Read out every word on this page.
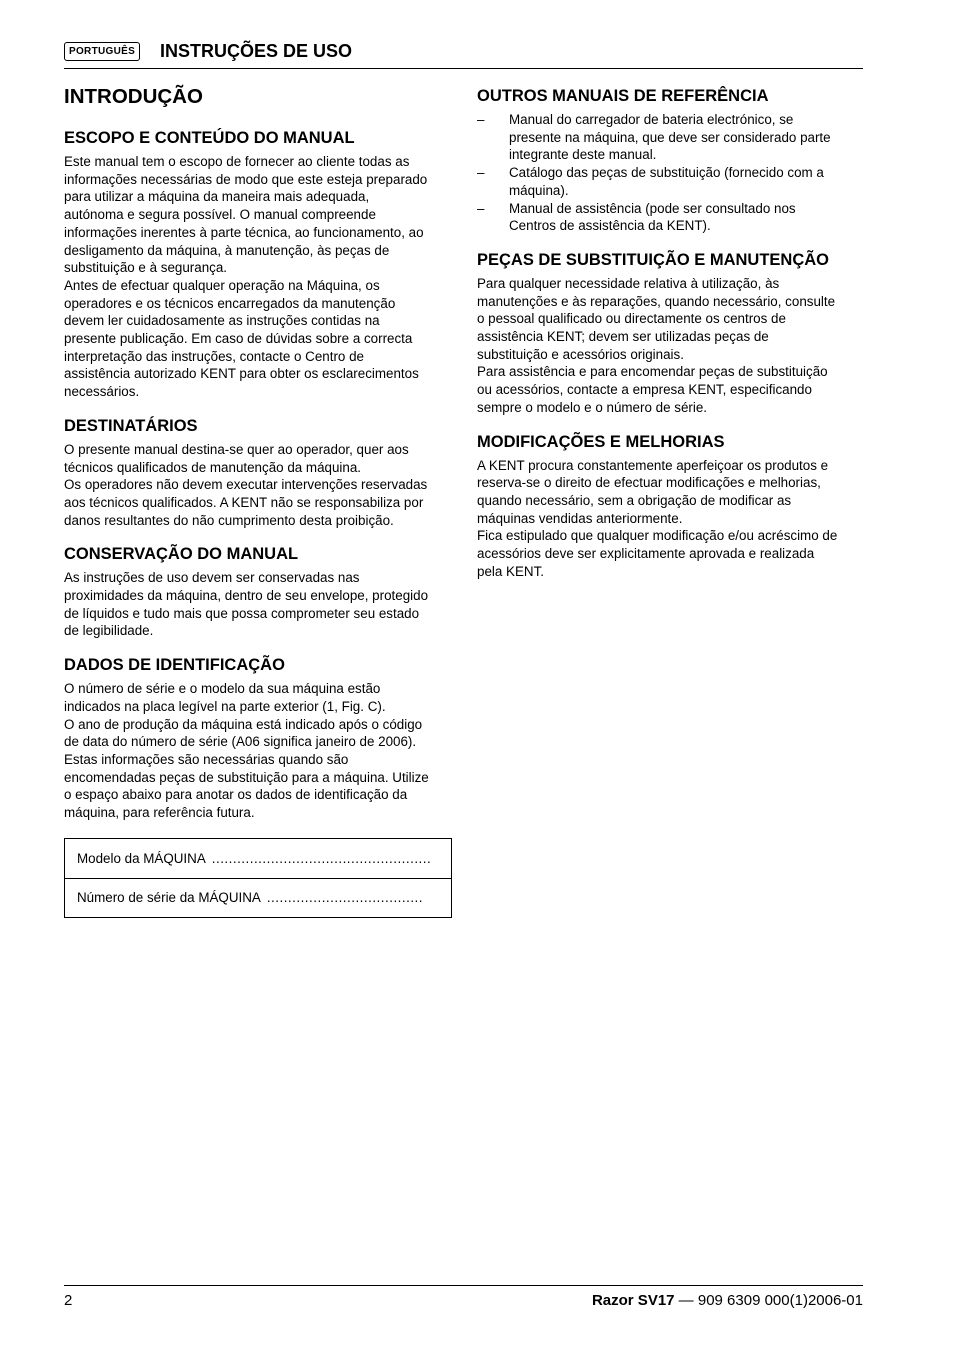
PORTUGUÊS INSTRUÇÕES DE USO
INTRODUÇÃO
ESCOPO E CONTEÚDO DO MANUAL

Este manual tem o escopo de fornecer ao cliente todas as
informações necessárias de modo que este esteja preparado
para utilizar a máquina da maneira mais adequada,
autónoma e segura possível. O manual compreende
informações inerentes à parte técnica, ao funcionamento, ao
desligamento da máquina, à manutenção, às peças de
substituição e à segurança.
Antes de efectuar qualquer operação na Máquina, os
operadores e os técnicos encarregados da manutenção
devem ler cuidadosamente as instruções contidas na
presente publicação. Em caso de dúvidas sobre a correcta
interpretação das instruções, contacte o Centro de
assistência autorizado KENT para obter os esclarecimentos
necessários.

DESTINATÁRIOS

O presente manual destina-se quer ao operador, quer aos
técnicos qualificados de manutenção da máquina.
Os operadores não devem executar intervenções reservadas
aos técnicos qualificados. A KENT não se responsabiliza por
danos resultantes do não cumprimento desta proibição.

CONSERVAÇÃO DO MANUAL

As instruções de uso devem ser conservadas nas
proximidades da máquina, dentro de seu envelope, protegido
de líquidos e tudo mais que possa comprometer seu estado
de legibilidade.

DADOS DE IDENTIFICAÇÃO

O número de série e o modelo da sua máquina estão
indicados na placa legível na parte exterior (1, Fig. C).
O ano de produção da máquina está indicado após o código
de data do número de série (A06 significa janeiro de 2006).
Estas informações são necessárias quando são
encomendadas peças de substituição para a máquina. Utilize
o espaço abaixo para anotar os dados de identificação da
máquina, para referência futura.

Modelo da MÁQUINA ....................................................
Número de série da MÁQUINA .....................................
OUTROS MANUAIS DE REFERÊNCIA
– Manual do carregador de bateria electrónico, se
presente na máquina, que deve ser considerado parte
integrante deste manual.
– Catálogo das peças de substituição (fornecido com a
máquina).
– Manual de assistência (pode ser consultado nos
Centros de assistência da KENT).
PEÇAS DE SUBSTITUIÇÃO E MANUTENÇÃO

Para qualquer necessidade relativa à utilização, às
manutenções e às reparações, quando necessário, consulte
o pessoal qualificado ou directamente os centros de
assistência KENT; devem ser utilizadas peças de
substituição e acessórios originais.
Para assistência e para encomendar peças de substituição
ou acessórios, contacte a empresa KENT, especificando
sempre o modelo e o número de série.

MODIFICAÇÕES E MELHORIAS

A KENT procura constantemente aperfeiçoar os produtos e
reserva-se o direito de efectuar modificações e melhorias,
quando necessário, sem a obrigação de modificar as
máquinas vendidas anteriormente.
Fica estipulado que qualquer modificação e/ou acréscimo de
acessórios deve ser explicitamente aprovada e realizada
pela KENT.

2	Razor SV17 — 909 6309 000(1)2006-01
